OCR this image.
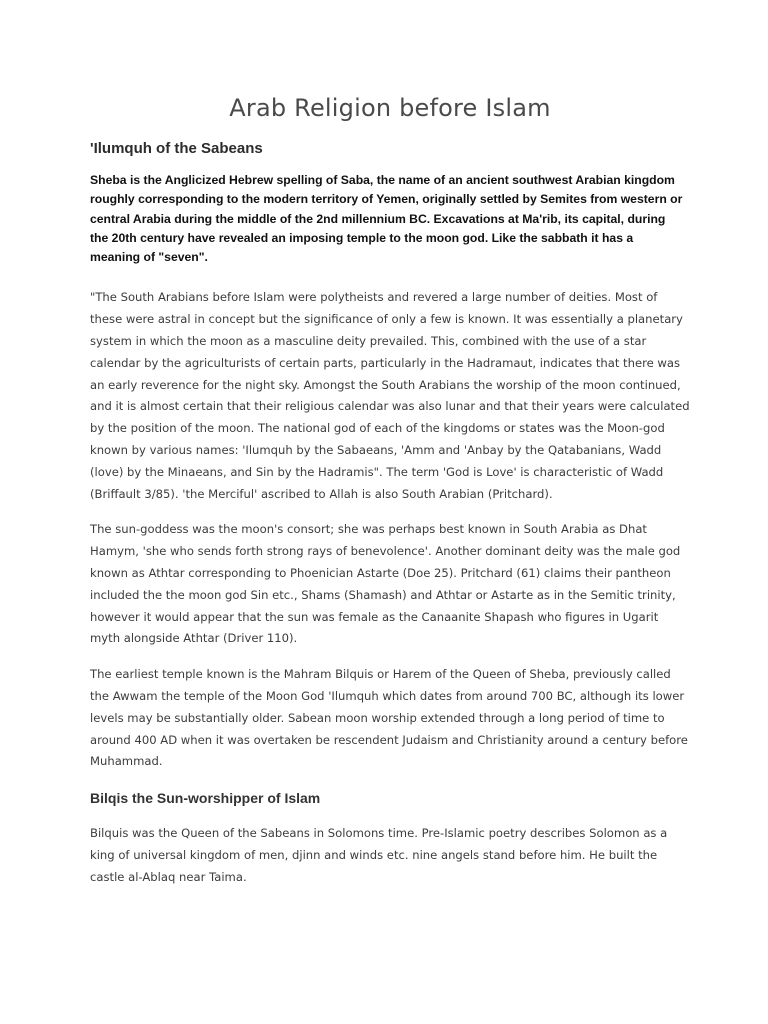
Arab Religion before Islam
'Ilumquh of the Sabeans

Sheba is the Anglicized Hebrew spelling of Saba, the name of an ancient southwest Arabian kingdom roughly corresponding to the modern territory of Yemen, originally settled by Semites from western or central Arabia during the middle of the 2nd millennium BC. Excavations at Ma'rib, its capital, during the 20th century have revealed an imposing temple to the moon god. Like the sabbath it has a meaning of "seven".

"The South Arabians before Islam were polytheists and revered a large number of deities. Most of these were astral in concept but the significance of only a few is known. It was essentially a planetary system in which the moon as a masculine deity prevailed. This, combined with the use of a star calendar by the agriculturists of certain parts, particularly in the Hadramaut, indicates that there was an early reverence for the night sky. Amongst the South Arabians the worship of the moon continued, and it is almost certain that their religious calendar was also lunar and that their years were calculated by the position of the moon. The national god of each of the kingdoms or states was the Moon-god known by various names: 'Ilumquh by the Sabaeans, 'Amm and 'Anbay by the Qatabanians, Wadd (love) by the Minaeans, and Sin by the Hadramis". The term 'God is Love' is characteristic of Wadd (Briffault 3/85). 'the Merciful' ascribed to Allah is also South Arabian (Pritchard).

The sun-goddess was the moon's consort; she was perhaps best known in South Arabia as Dhat Hamym, 'she who sends forth strong rays of benevolence'. Another dominant deity was the male god known as Athtar corresponding to Phoenician Astarte (Doe 25). Pritchard (61) claims their pantheon included the the moon god Sin etc., Shams (Shamash) and Athtar or Astarte as in the Semitic trinity, however it would appear that the sun was female as the Canaanite Shapash who figures in Ugarit myth alongside Athtar (Driver 110).

The earliest temple known is the Mahram Bilquis or Harem of the Queen of Sheba, previously called the Awwam the temple of the Moon God 'Ilumquh which dates from around 700 BC, although its lower levels may be substantially older. Sabean moon worship extended through a long period of time to around 400 AD when it was overtaken be rescendent Judaism and Christianity around a century before Muhammad.

Bilqis the Sun-worshipper of Islam

Bilquis was the Queen of the Sabeans in Solomons time. Pre-Islamic poetry describes Solomon as a king of universal kingdom of men, djinn and winds etc. nine angels stand before him. He built the castle al-Ablaq near Taima.
